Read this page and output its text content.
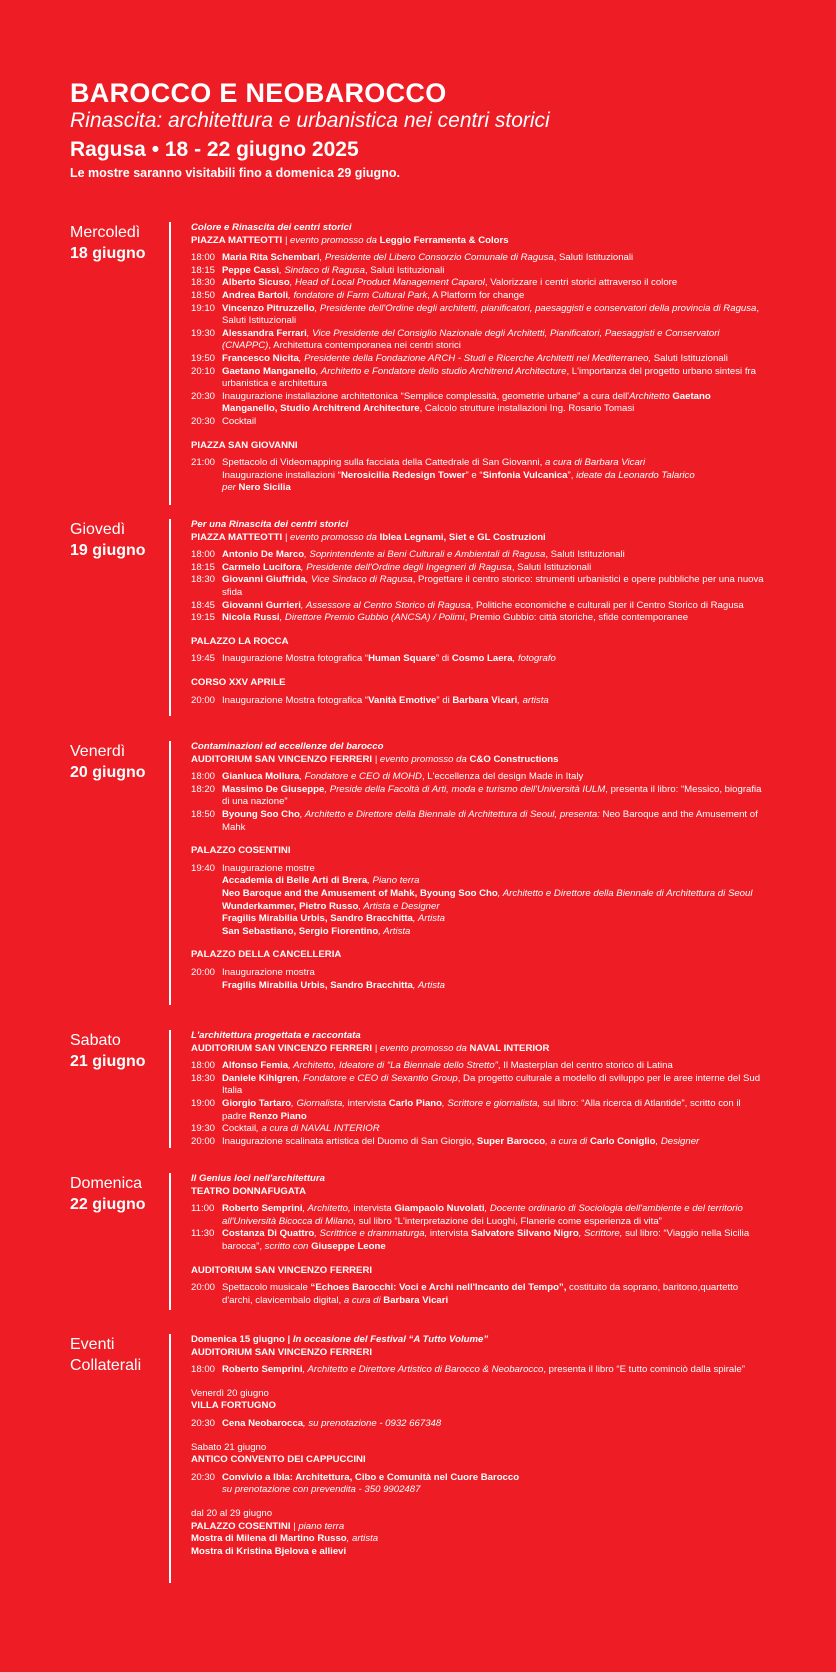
BAROCCO E NEOBAROCCO

Rinascita: architettura e urbanistica nei centri storici

Ragusa • 18 - 22 giugno 2025

Le mostre saranno visitabili fino a domenica 29 giugno.

Mercoledì
18 giugno
Colore e Rinascita dei centri storici
PIAZZA MATTEOTTI | evento promosso da Leggio Ferramenta & Colors
18:00 Maria Rita Schembari, Presidente del Libero Consorzio Comunale di Ragusa, Saluti Istituzionali
18:15 Peppe Cassì, Sindaco di Ragusa, Saluti Istituzionali
18:30 Alberto Sicuso, Head of Local Product Management Caparol, Valorizzare i centri storici attraverso il colore
18:50 Andrea Bartoli, fondatore di Farm Cultural Park, A Platform for change
19:10 Vincenzo Pitruzzello, Presidente dell'Ordine degli architetti, pianificatori, paesaggisti e conservatori della provincia di Ragusa, Saluti Istituzionali
19:30 Alessandra Ferrari, Vice Presidente del Consiglio Nazionale degli Architetti, Pianificatori, Paesaggisti e Conservatori (CNAPPC), Architettura contemporanea nei centri storici
19:50 Francesco Nicita, Presidente della Fondazione ARCH - Studi e Ricerche Architetti nel Mediterraneo, Saluti Istituzionali
20:10 Gaetano Manganello, Architetto e Fondatore dello studio Architrend Architecture, L'importanza del progetto urbano sintesi fra urbanistica e architettura
20:30 Inaugurazione installazione architettonica “Semplice complessità, geometrie urbane” a cura dell'Architetto Gaetano Manganello, Studio Architrend Architecture, Calcolo strutture installazioni Ing. Rosario Tomasi
20:30 Cocktail
PIAZZA SAN GIOVANNI
21:00 Spettacolo di Videomapping sulla facciata della Cattedrale di San Giovanni, a cura di Barbara Vicari
Inaugurazione installazioni “Nerosicilia Redesign Tower” e “Sinfonia Vulcanica”, ideate da Leonardo Talarico
per Nero Sicilia
Giovedì
19 giugno
Per una Rinascita dei centri storici
PIAZZA MATTEOTTI | evento promosso da Iblea Legnami, Siet e GL Costruzioni
18:00 Antonio De Marco, Soprintendente ai Beni Culturali e Ambientali di Ragusa, Saluti Istituzionali
18:15 Carmelo Lucifora, Presidente dell'Ordine degli Ingegneri di Ragusa, Saluti Istituzionali
18:30 Giovanni Giuffrida, Vice Sindaco di Ragusa, Progettare il centro storico: strumenti urbanistici e opere pubbliche per una nuova sfida
18:45 Giovanni Gurrieri, Assessore al Centro Storico di Ragusa, Politiche economiche e culturali per il Centro Storico di Ragusa
19:15 Nicola Russi, Direttore Premio Gubbio (ANCSA) / Polimi, Premio Gubbio: città storiche, sfide contemporanee
PALAZZO LA ROCCA
19:45 Inaugurazione Mostra fotografica “Human Square” di Cosmo Laera, fotografo
CORSO XXV APRILE
20:00 Inaugurazione Mostra fotografica “Vanità Emotive” di Barbara Vicari, artista
Venerdì
20 giugno
Contaminazioni ed eccellenze del barocco
AUDITORIUM SAN VINCENZO FERRERI | evento promosso da C&O Constructions
18:00 Gianluca Mollura, Fondatore e CEO di MOHD, L'eccellenza del design Made in Italy
18:20 Massimo De Giuseppe, Preside della Facoltà di Arti, moda e turismo dell'Università IULM, presenta il libro: “Messico, biografia di una nazione”
18:50 Byoung Soo Cho, Architetto e Direttore della Biennale di Architettura di Seoul, presenta: Neo Baroque and the Amusement of Mahk
PALAZZO COSENTINI
19:40 Inaugurazione mostre
Accademia di Belle Arti di Brera, Piano terra
Neo Baroque and the Amusement of Mahk, Byoung Soo Cho, Architetto e Direttore della Biennale di Architettura di Seoul
Wunderkammer, Pietro Russo, Artista e Designer
Fragilis Mirabilia Urbis, Sandro Bracchitta, Artista
San Sebastiano, Sergio Fiorentino, Artista
PALAZZO DELLA CANCELLERIA
20:00 Inaugurazione mostra
Fragilis Mirabilia Urbis, Sandro Bracchitta, Artista
Sabato
21 giugno
L'architettura progettata e raccontata
AUDITORIUM SAN VINCENZO FERRERI | evento promosso da NAVAL INTERIOR
18:00 Alfonso Femia, Architetto, Ideatore di “La Biennale dello Stretto”, Il Masterplan del centro storico di Latina
18:30 Daniele Kihlgren, Fondatore e CEO di Sexantio Group, Da progetto culturale a modello di sviluppo per le aree interne del Sud Italia
19:00 Giorgio Tartaro, Giornalista, intervista Carlo Piano, Scrittore e giornalista, sul libro: “Alla ricerca di Atlantide”, scritto con il padre Renzo Piano
19:30 Cocktail, a cura di NAVAL INTERIOR
20:00 Inaugurazione scalinata artistica del Duomo di San Giorgio, Super Barocco, a cura di Carlo Coniglio, Designer
Domenica
22 giugno
Il Genius loci nell'architettura
TEATRO DONNAFUGATA
11:00 Roberto Semprini, Architetto, intervista Giampaolo Nuvolati, Docente ordinario di Sociologia dell'ambiente e del territorio all'Università Bicocca di Milano, sul libro “L'interpretazione dei Luoghi, Flanerie come esperienza di vita”
11:30 Costanza Di Quattro, Scrittrice e drammaturga, intervista Salvatore Silvano Nigro, Scrittore, sul libro: “Viaggio nella Sicilia barocca”, scritto con Giuseppe Leone
AUDITORIUM SAN VINCENZO FERRERI
20:00 Spettacolo musicale “Echoes Barocchi: Voci e Archi nell'Incanto del Tempo”, costituito da soprano, baritono,quartetto d'archi, clavicembalo digital, a cura di Barbara Vicari
Eventi
Collaterali
Domenica 15 giugno | In occasione del Festival “A Tutto Volume”
AUDITORIUM SAN VINCENZO FERRERI
18:00 Roberto Semprini, Architetto e Direttore Artistico di Barocco & Neobarocco, presenta il libro “E tutto cominciò dalla spirale”
Venerdì 20 giugno
VILLA FORTUGNO
20:30 Cena Neobarocca, su prenotazione - 0932 667348
Sabato 21 giugno
ANTICO CONVENTO DEI CAPPUCCINI
20:30 Convivio a Ibla: Architettura, Cibo e Comunità nel Cuore Barocco
su prenotazione con prevendita - 350 9902487
dal 20 al 29 giugno
PALAZZO COSENTINI | piano terra
Mostra di Milena di Martino Russo, artista
Mostra di Kristina Bjelova e allievi
